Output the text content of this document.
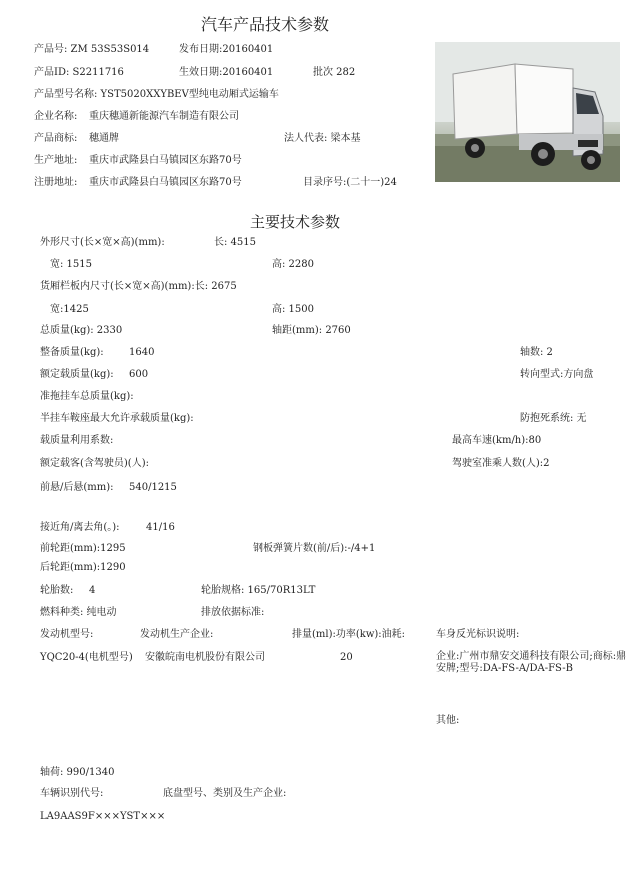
汽车产品技术参数
产品号: ZM 53S53S014	发布日期:20160401
产品ID: S2211716	生效日期:20160401	批次 282
产品型号名称: YST5020XXYBEV型纯电动厢式运输车
企业名称: 重庆穗通新能源汽车制造有限公司
产品商标: 穗通牌	法人代表: 梁本基
生产地址: 重庆市武隆县白马镇园区东路70号
注册地址: 重庆市武隆县白马镇园区东路70号	目录序号:(二十一)24
主要技术参数
外形尺寸(长×宽×高)(mm):	长: 4515
宽: 1515	高: 2280
货厢栏板内尺寸(长×宽×高)(mm):长: 2675
宽:1425	高: 1500
总质量(kg): 2330	轴距(mm): 2760
整备质量(kg):	1640	轴数: 2
额定载质量(kg): 600	转向型式:方向盘
准拖挂车总质量(kg):
半挂车鞍座最大允许承载质量(kg):	防抱死系统: 无
载质量利用系数:	最高车速(km/h):80
额定载客(含驾驶员)(人):	驾驶室准乘人数(人):2
前悬/后悬(mm): 540/1215
接近角/离去角(。):	41/16
前轮距(mm):1295	钢板弹簧片数(前/后):-/4+1
后轮距(mm):1290
轮胎数: 4	轮胎规格: 165/70R13LT
燃料种类: 纯电动	排放依据标准:
发动机型号:	发动机生产企业:	排量(ml):功率(kw):油耗:	车身反光标识说明:
YQC20-4(电机型号) 安徽皖南电机股份有限公司	20	企业:广州市鼎安交通科技有限公司;商标:鼎安牌;型号:DA-FS-A/DA-FS-B
其他:
轴荷: 990/1340
车辆识别代号:	底盘型号、类别及生产企业:
LA9AAS9F×××YST×××
